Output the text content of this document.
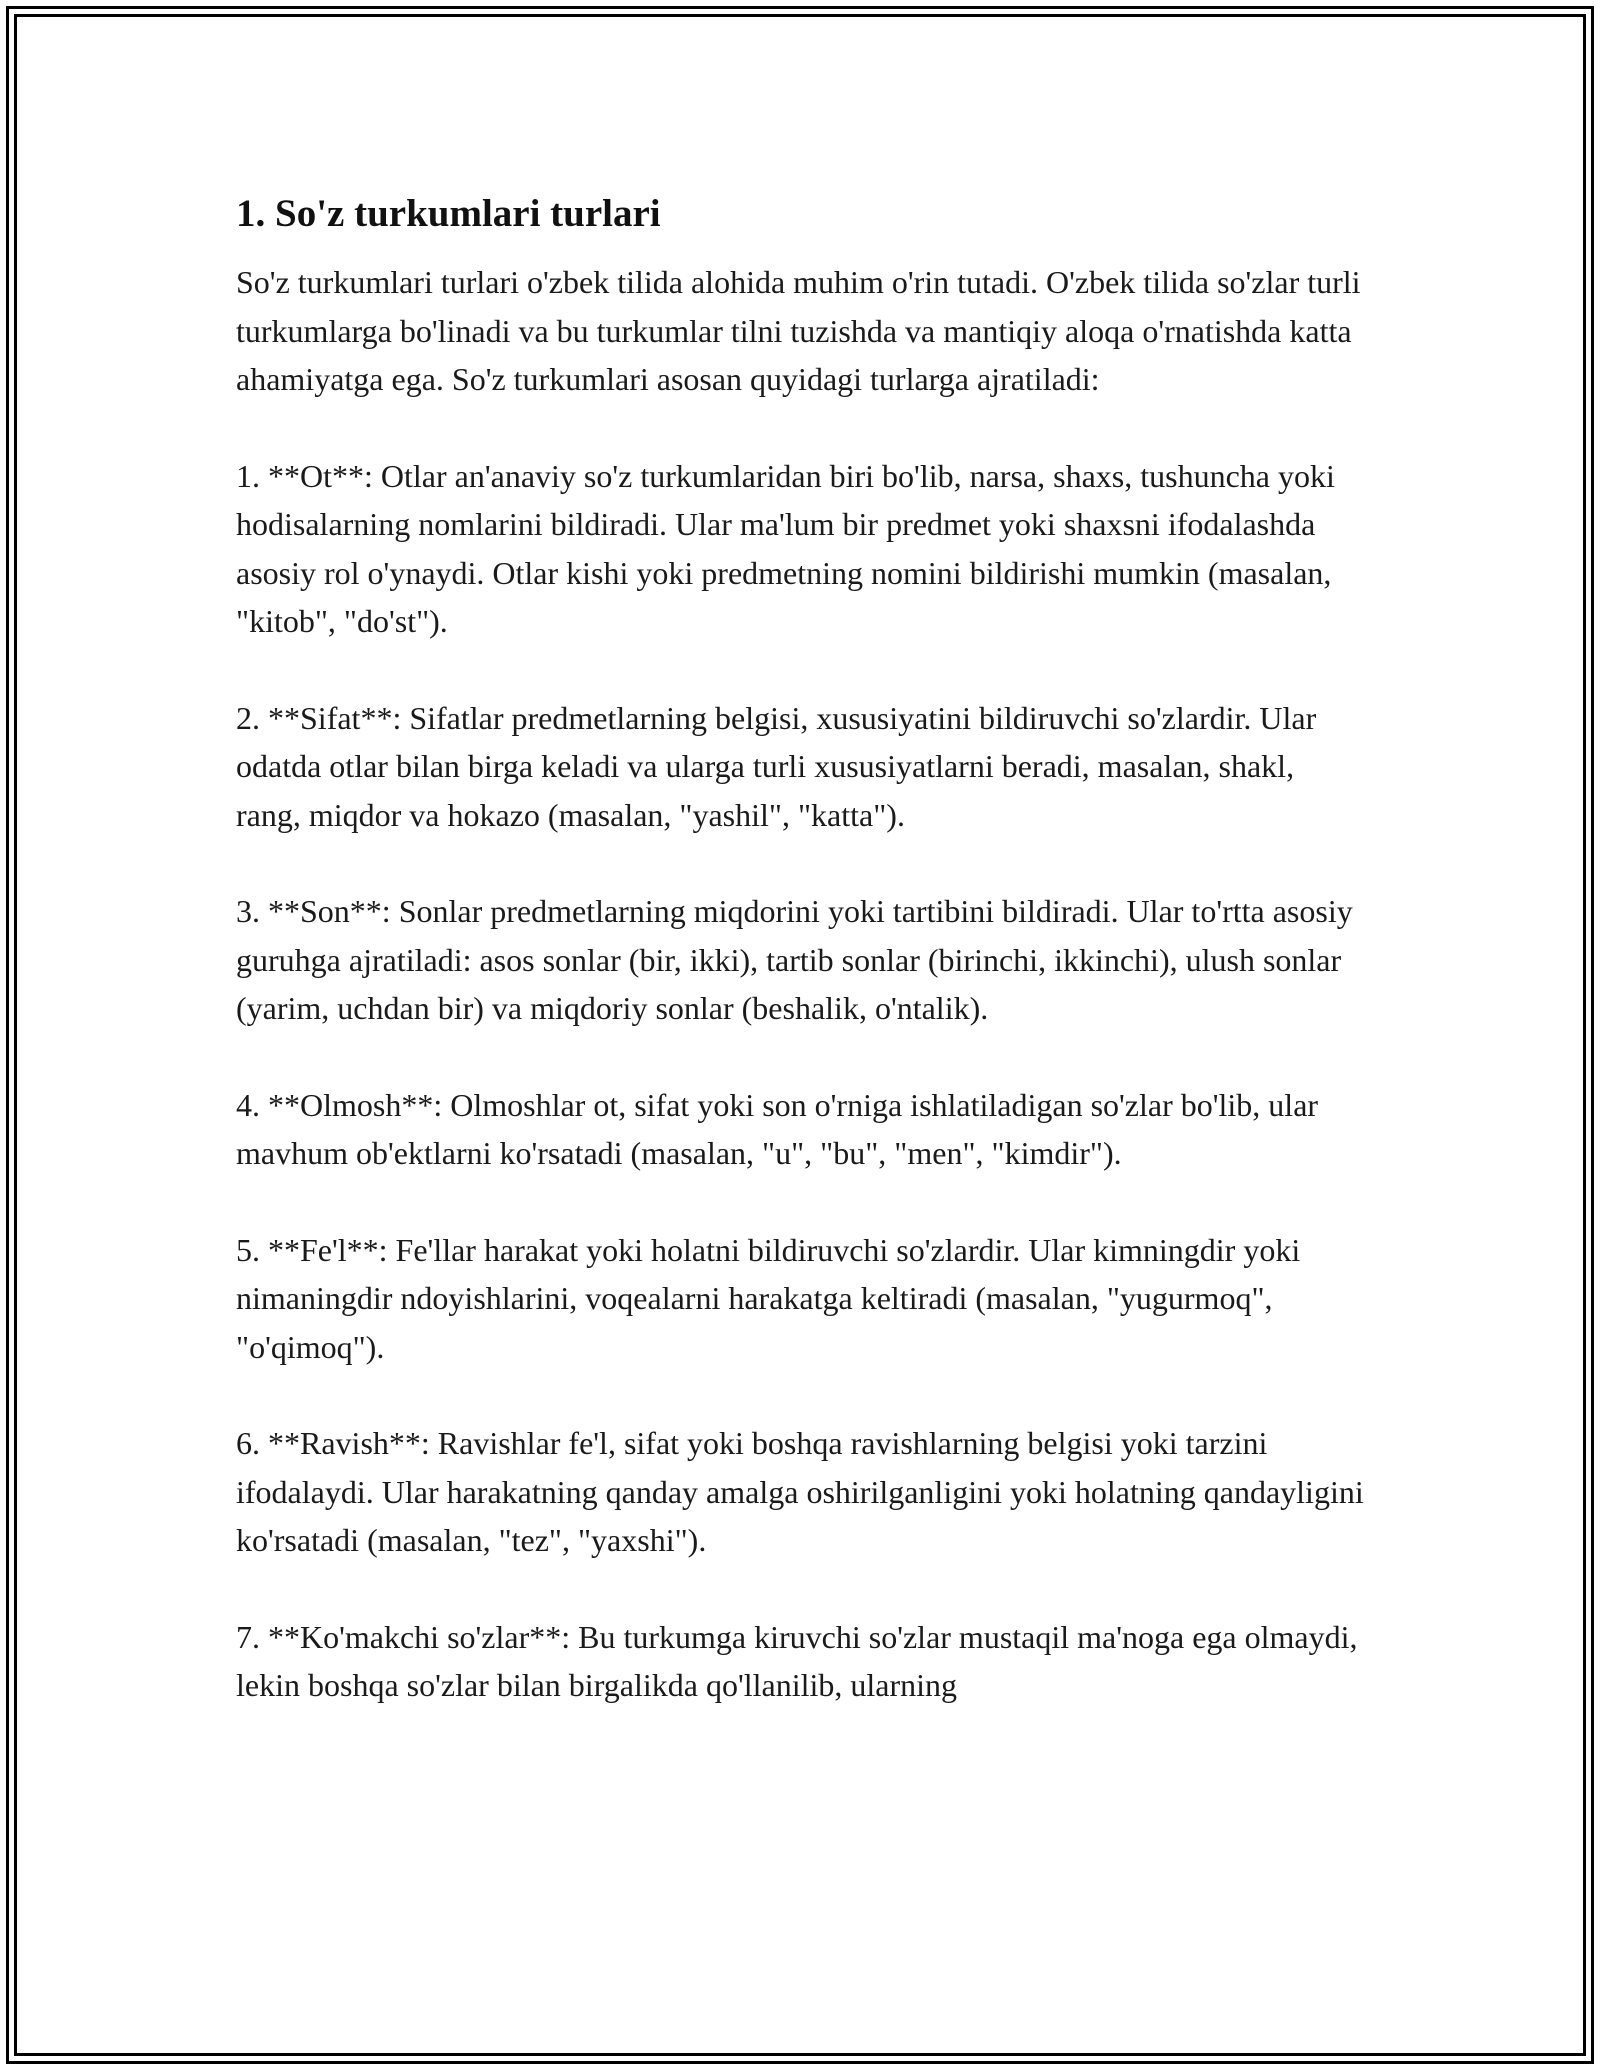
1. So'z turkumlari turlari

So'z turkumlari turlari o'zbek tilida alohida muhim o'rin tutadi. O'zbek tilida so'zlar turli turkumlarga bo'linadi va bu turkumlar tilni tuzishda va mantiqiy aloqa o'rnatishda katta ahamiyatga ega. So'z turkumlari asosan quyidagi turlarga ajratiladi:

1. **Ot**: Otlar an'anaviy so'z turkumlaridan biri bo'lib, narsa, shaxs, tushuncha yoki hodisalarning nomlarini bildiradi. Ular ma'lum bir predmet yoki shaxsni ifodalashda asosiy rol o'ynaydi. Otlar kishi yoki predmetning nomini bildirishi mumkin (masalan, "kitob", "do'st").

2. **Sifat**: Sifatlar predmetlarning belgisi, xususiyatini bildiruvchi so'zlardir. Ular odatda otlar bilan birga keladi va ularga turli xususiyatlarni beradi, masalan, shakl, rang, miqdor va hokazo (masalan, "yashil", "katta").

3. **Son**: Sonlar predmetlarning miqdorini yoki tartibini bildiradi. Ular to'rtta asosiy guruhga ajratiladi: asos sonlar (bir, ikki), tartib sonlar (birinchi, ikkinchi), ulush sonlar (yarim, uchdan bir) va miqdoriy sonlar (beshalik, o'ntalik).

4. **Olmosh**: Olmoshlar ot, sifat yoki son o'rniga ishlatiladigan so'zlar bo'lib, ular mavhum ob'ektlarni ko'rsatadi (masalan, "u", "bu", "men", "kimdir").

5. **Fe'l**: Fe'llar harakat yoki holatni bildiruvchi so'zlardir. Ular kimningdir yoki nimaningdir ndoyishlarini, voqealarni harakatga keltiradi (masalan, "yugurmoq", "o'qimoq").

6. **Ravish**: Ravishlar fe'l, sifat yoki boshqa ravishlarning belgisi yoki tarzini ifodalaydi. Ular harakatning qanday amalga oshirilganligini yoki holatning qandayligini ko'rsatadi (masalan, "tez", "yaxshi").

7. **Ko'makchi so'zlar**: Bu turkumga kiruvchi so'zlar mustaqil ma'noga ega olmaydi, lekin boshqa so'zlar bilan birgalikda qo'llanilib, ularning
